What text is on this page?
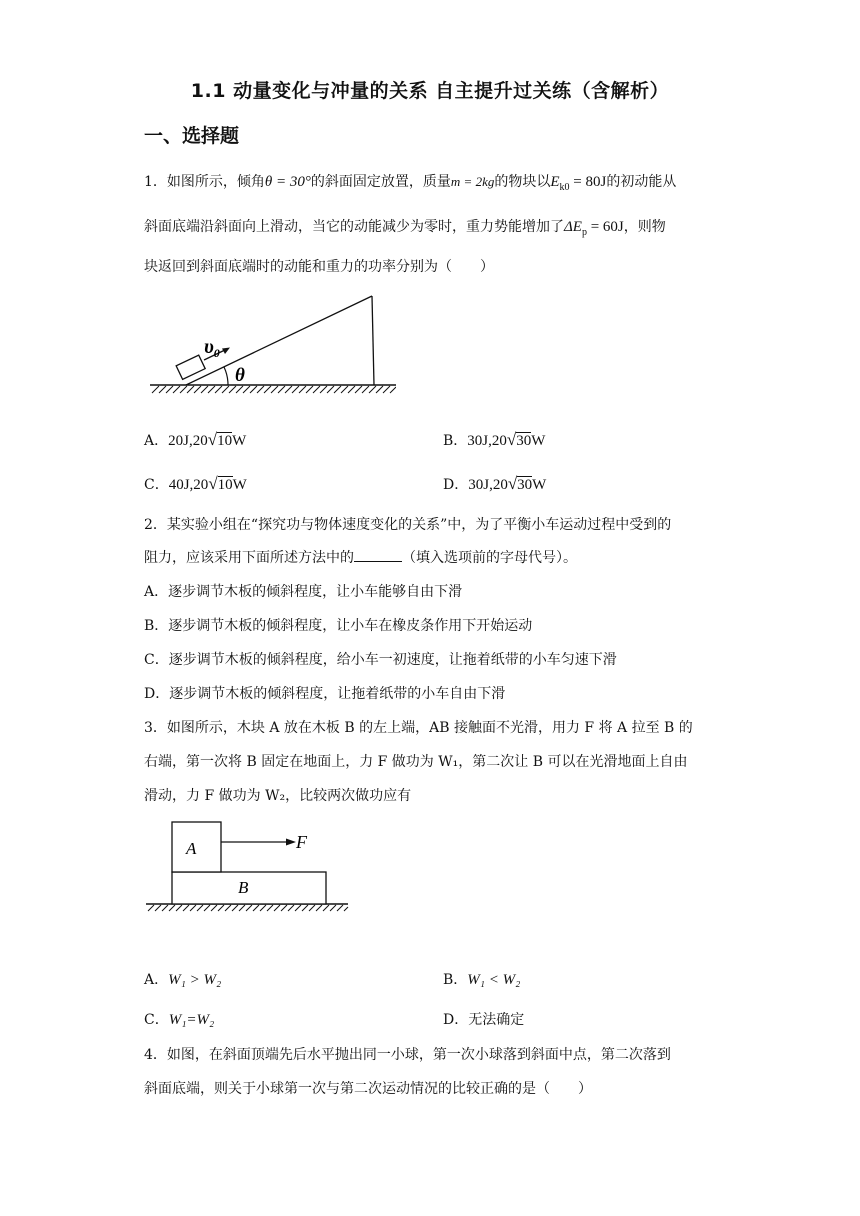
1.1 动量变化与冲量的关系 自主提升过关练（含解析）
一、选择题
1．如图所示，倾角θ = 30°的斜面固定放置，质量m = 2kg的物块以$E_{k0} = 80J$的初动能从
斜面底端沿斜面向上滑动，当它的动能减少为零时，重力势能增加了$\Delta E_p = 60J$，则物
块返回到斜面底端时的动能和重力的功率分别为（　　）
$\upsilon_0$
θ
A．20J,20√10W	B．30J,20√30W
C．40J,20√10W	D．30J,20√30W
2．某实验小组在“探究功与物体速度变化的关系”中，为了平衡小车运动过程中受到的
阻力，应该采用下面所述方法中的	（填入选项前的字母代号）。
A．逐步调节木板的倾斜程度，让小车能够自由下滑
B．逐步调节木板的倾斜程度，让小车在橡皮条作用下开始运动
C．逐步调节木板的倾斜程度，给小车一初速度，让拖着纸带的小车匀速下滑
D．逐步调节木板的倾斜程度，让拖着纸带的小车自由下滑
3．如图所示，木块 A 放在木板 B 的左上端，AB 接触面不光滑，用力 F 将 A 拉至 B 的
右端，第一次将 B 固定在地面上，力 F 做功为 W₁，第二次让 B 可以在光滑地面上自由
滑动，力 F 做功为 W₂，比较两次做功应有
A
B
F
A．W₁ > W₂	B．W₁ < W₂
C．W₁=W₂	D．无法确定
4．如图，在斜面顶端先后水平抛出同一小球，第一次小球落到斜面中点，第二次落到
斜面底端，则关于小球第一次与第二次运动情况的比较正确的是（　　）
